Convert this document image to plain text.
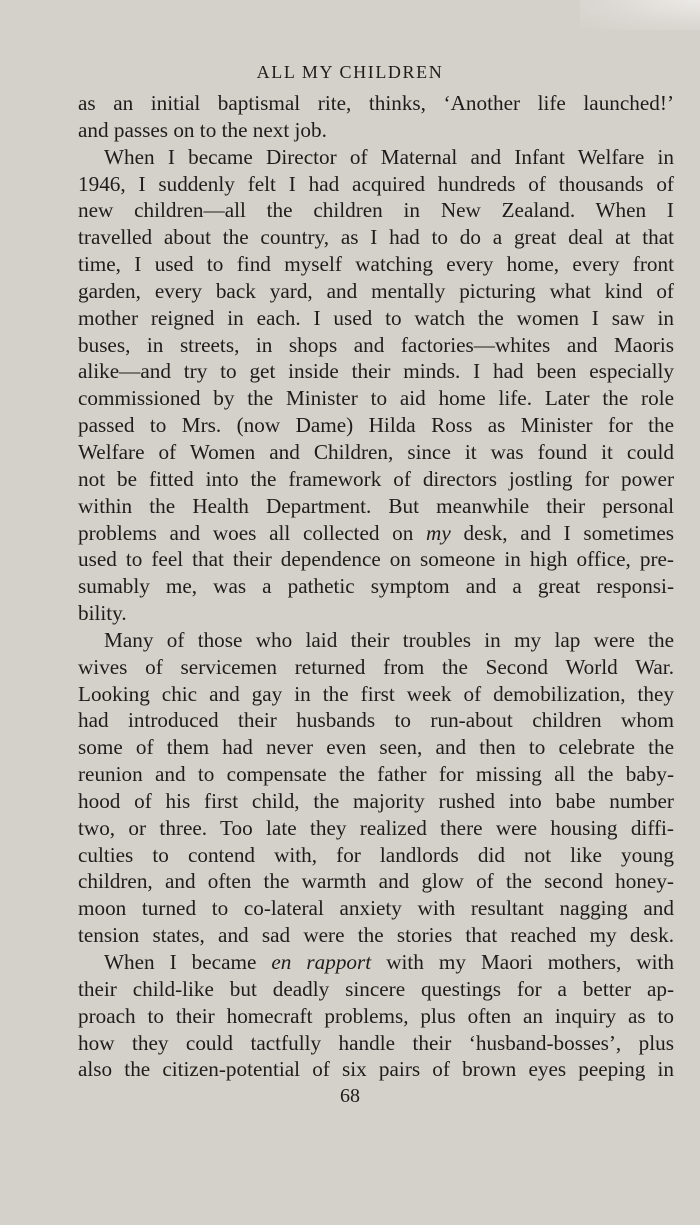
ALL MY CHILDREN
as an initial baptismal rite, thinks, ‘Another life launched!’
and passes on to the next job.
When I became Director of Maternal and Infant Welfare in
1946, I suddenly felt I had acquired hundreds of thousands of
new children—all the children in New Zealand. When I
travelled about the country, as I had to do a great deal at that
time, I used to find myself watching every home, every front
garden, every back yard, and mentally picturing what kind of
mother reigned in each. I used to watch the women I saw in
buses, in streets, in shops and factories—whites and Maoris
alike—and try to get inside their minds. I had been especially
commissioned by the Minister to aid home life. Later the role
passed to Mrs. (now Dame) Hilda Ross as Minister for the
Welfare of Women and Children, since it was found it could
not be fitted into the framework of directors jostling for power
within the Health Department. But meanwhile their personal
problems and woes all collected on my desk, and I sometimes
used to feel that their dependence on someone in high office, pre-
sumably me, was a pathetic symptom and a great responsi-
bility.
Many of those who laid their troubles in my lap were the
wives of servicemen returned from the Second World War.
Looking chic and gay in the first week of demobilization, they
had introduced their husbands to run-about children whom
some of them had never even seen, and then to celebrate the
reunion and to compensate the father for missing all the baby-
hood of his first child, the majority rushed into babe number
two, or three. Too late they realized there were housing diffi-
culties to contend with, for landlords did not like young
children, and often the warmth and glow of the second honey-
moon turned to co-lateral anxiety with resultant nagging and
tension states, and sad were the stories that reached my desk.
When I became en rapport with my Maori mothers, with
their child-like but deadly sincere questings for a better ap-
proach to their homecraft problems, plus often an inquiry as to
how they could tactfully handle their ‘husband-bosses’, plus
also the citizen-potential of six pairs of brown eyes peeping in
68
